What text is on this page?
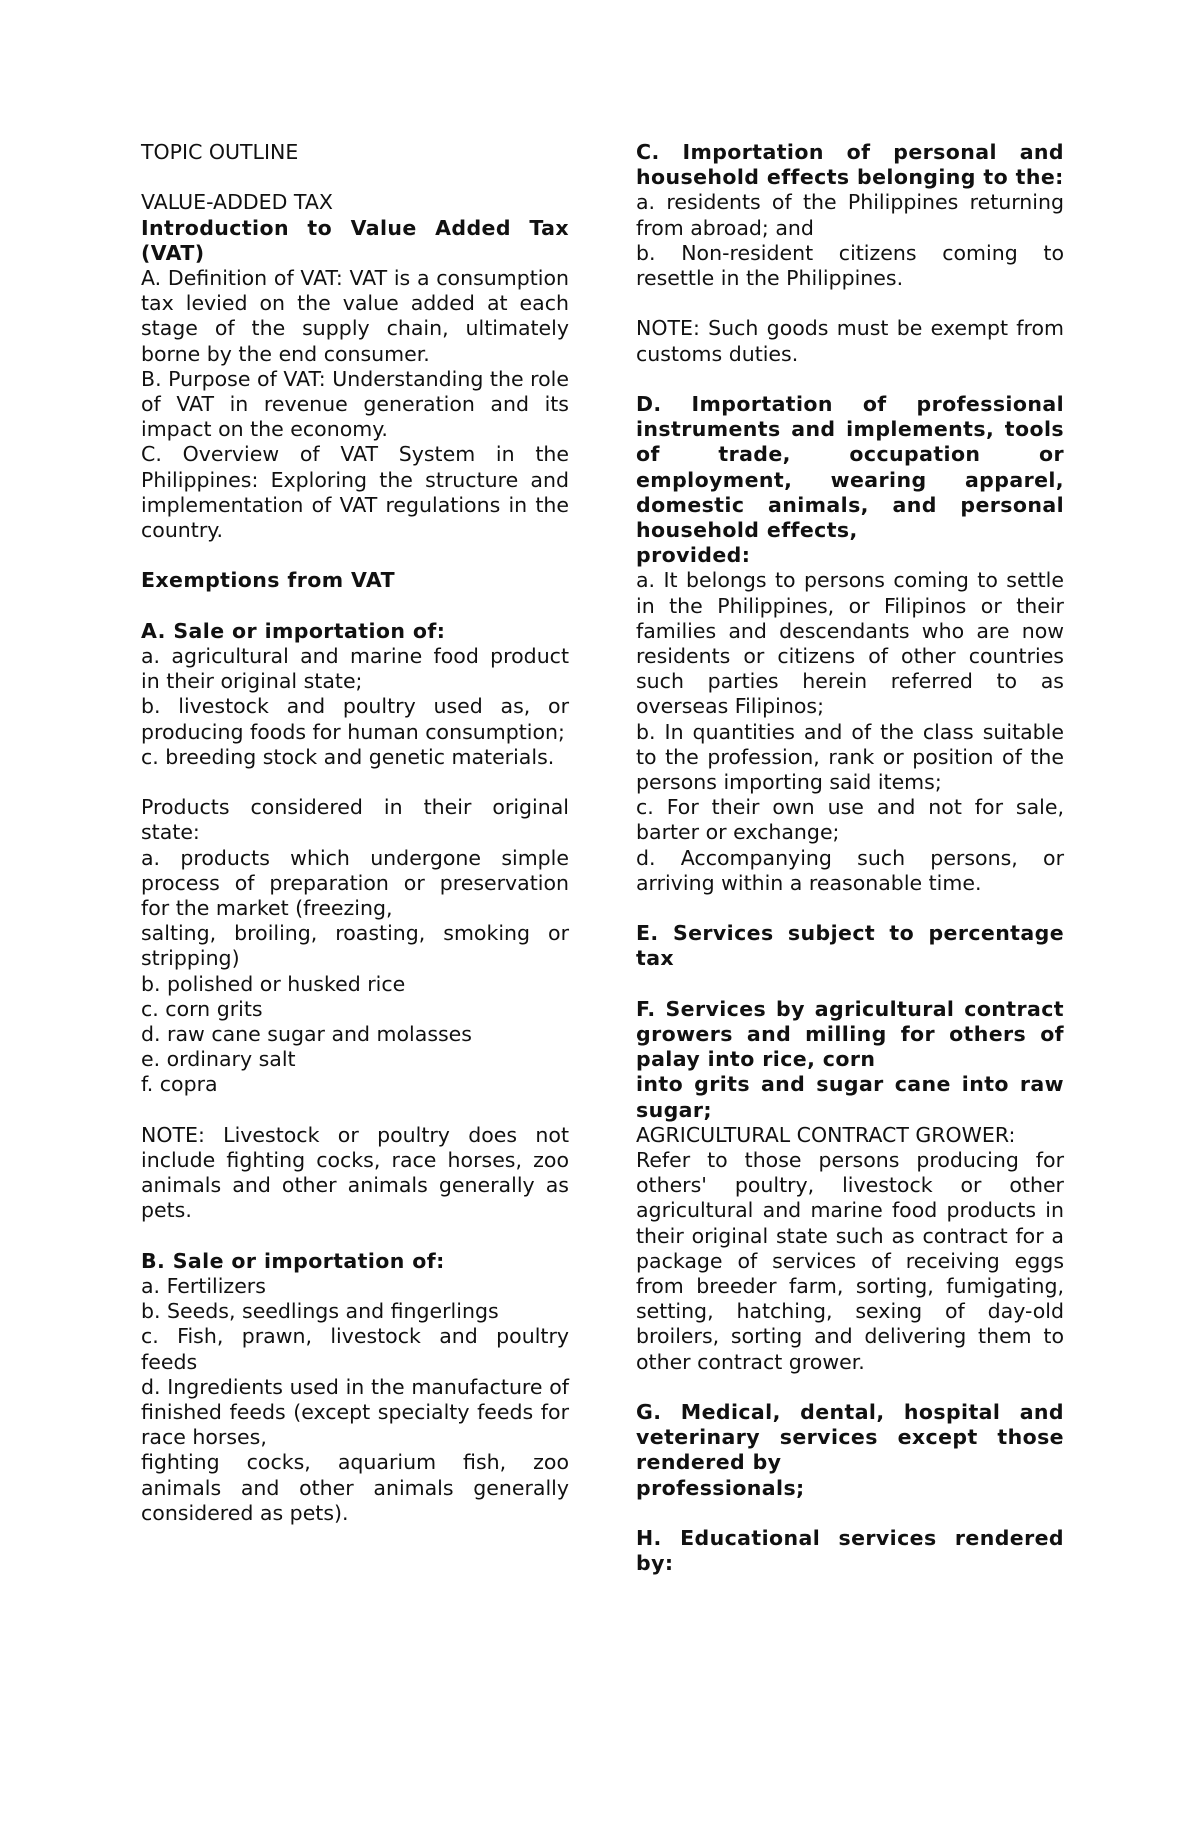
TOPIC OUTLINE

VALUE-ADDED TAX

Introduction to Value Added Tax (VAT)

A. Definition of VAT: VAT is a consumption tax levied on the value added at each stage of the supply chain, ultimately borne by the end consumer.

B. Purpose of VAT: Understanding the role of VAT in revenue generation and its impact on the economy.

C. Overview of VAT System in the Philippines: Exploring the structure and implementation of VAT regulations in the country.

Exemptions from VAT

A. Sale or importation of:

a. agricultural and marine food product in their original state;

b. livestock and poultry used as, or producing foods for human consumption;

c. breeding stock and genetic materials.

Products considered in their original state:

a. products which undergone simple process of preparation or preservation for the market (freezing,

salting, broiling, roasting, smoking or stripping)

b. polished or husked rice

c. corn grits

d. raw cane sugar and molasses

e. ordinary salt

f. copra

NOTE: Livestock or poultry does not include fighting cocks, race horses, zoo animals and other animals generally as pets.

B. Sale or importation of:

a. Fertilizers

b. Seeds, seedlings and fingerlings

c. Fish, prawn, livestock and poultry feeds

d. Ingredients used in the manufacture of finished feeds (except specialty feeds for race horses,

fighting cocks, aquarium fish, zoo animals and other animals generally considered as pets).

C. Importation of personal and household effects belonging to the:

a. residents of the Philippines returning from abroad; and

b. Non-resident citizens coming to resettle in the Philippines.

NOTE: Such goods must be exempt from customs duties.

D. Importation of professional instruments and implements, tools of trade, occupation or employment, wearing apparel, domestic animals, and personal household effects,

provided:

a. It belongs to persons coming to settle in the Philippines, or Filipinos or their families and descendants who are now residents or citizens of other countries such parties herein referred to as overseas Filipinos;

b. In quantities and of the class suitable to the profession, rank or position of the persons importing said items;

c. For their own use and not for sale, barter or exchange;

d. Accompanying such persons, or arriving within a reasonable time.

E. Services subject to percentage tax

F. Services by agricultural contract growers and milling for others of palay into rice, corn

into grits and sugar cane into raw sugar;

AGRICULTURAL CONTRACT GROWER:

Refer to those persons producing for others' poultry, livestock or other agricultural and marine food products in their original state such as contract for a package of services of receiving eggs from breeder farm, sorting, fumigating, setting, hatching, sexing of day-old broilers, sorting and delivering them to other contract grower.

G. Medical, dental, hospital and veterinary services except those rendered by

professionals;

H. Educational services rendered by:
